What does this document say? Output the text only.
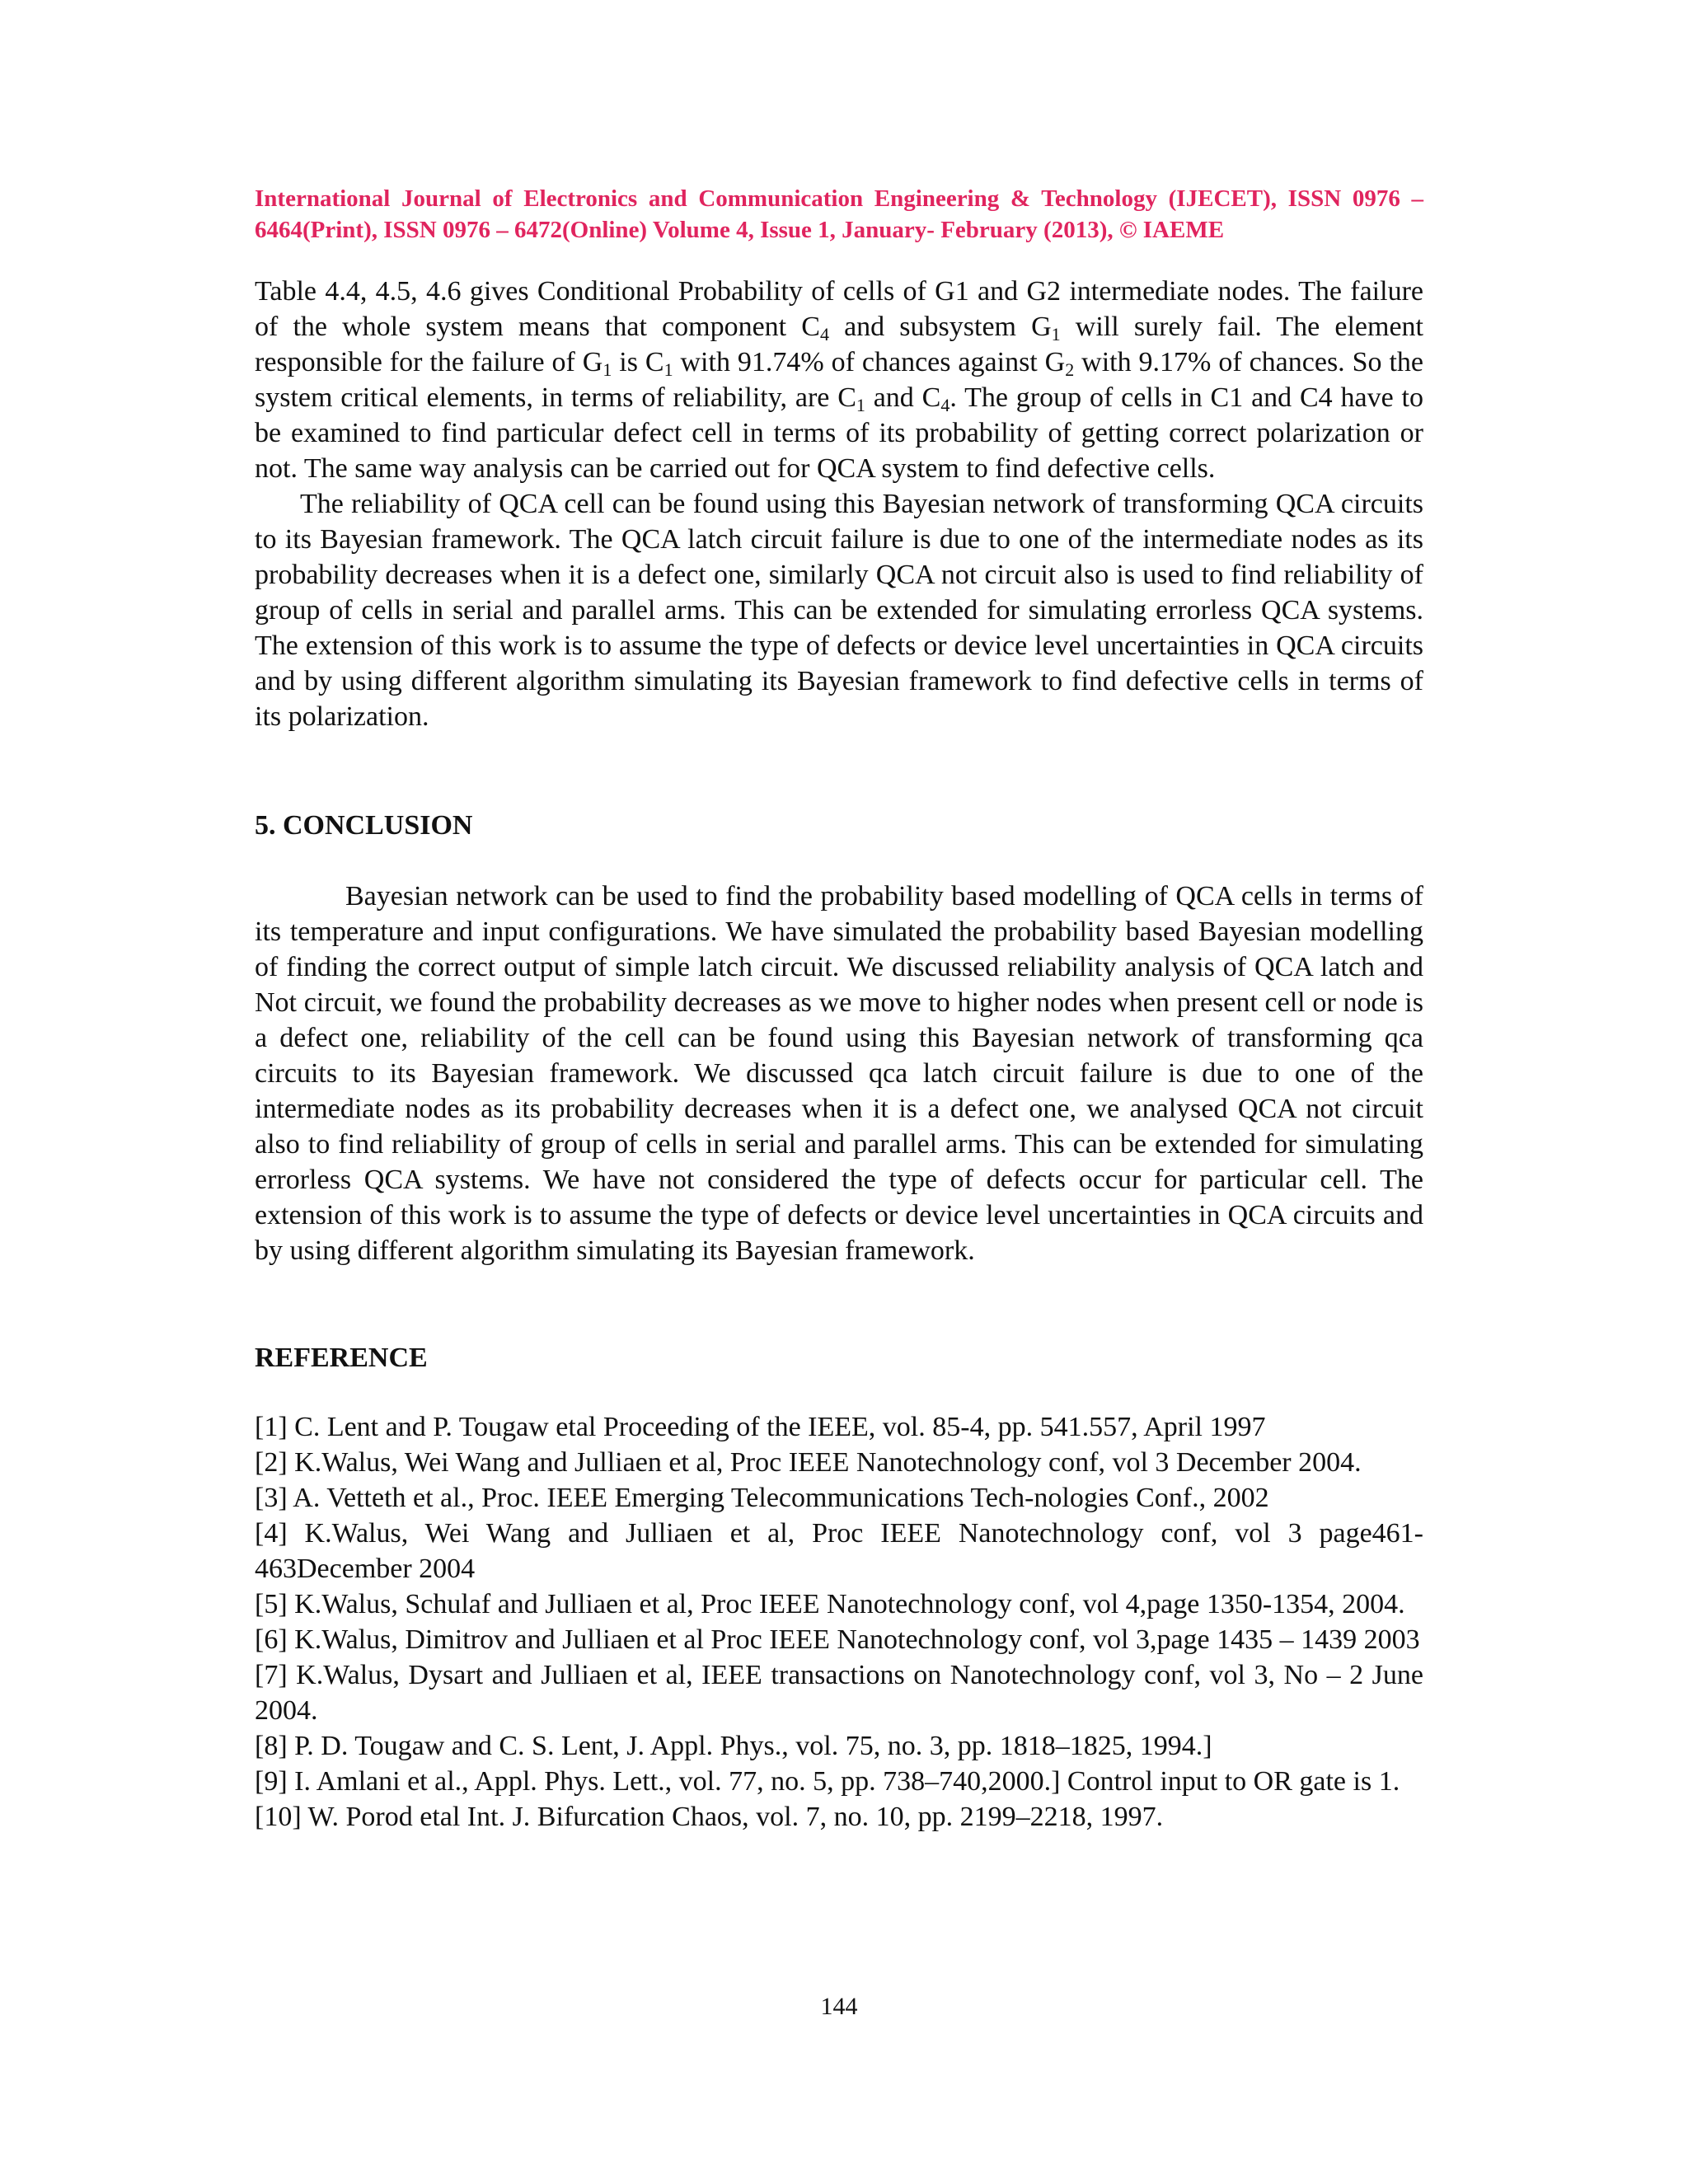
International Journal of Electronics and Communication Engineering & Technology (IJECET), ISSN 0976 – 6464(Print), ISSN 0976 – 6472(Online) Volume 4, Issue 1, January- February (2013), © IAEME

Table 4.4, 4.5, 4.6 gives Conditional Probability of cells of G1 and G2 intermediate nodes. The failure of the whole system means that component $C_4$ and subsystem $G_1$ will surely fail. The element responsible for the failure of $G_1$ is $C_1$ with 91.74% of chances against $G_2$ with 9.17% of chances. So the system critical elements, in terms of reliability, are $C_1$ and $C_4$. The group of cells in C1 and C4 have to be examined to find particular defect cell in terms of its probability of getting correct polarization or not. The same way analysis can be carried out for QCA system to find defective cells.

The reliability of QCA cell can be found using this Bayesian network of transforming QCA circuits to its Bayesian framework. The QCA latch circuit failure is due to one of the intermediate nodes as its probability decreases when it is a defect one, similarly QCA not circuit also is used to find reliability of group of cells in serial and parallel arms. This can be extended for simulating errorless QCA systems. The extension of this work is to assume the type of defects or device level uncertainties in QCA circuits and by using different algorithm simulating its Bayesian framework to find defective cells in terms of its polarization.

5. CONCLUSION

Bayesian network can be used to find the probability based modelling of QCA cells in terms of its temperature and input configurations. We have simulated the probability based Bayesian modelling of finding the correct output of simple latch circuit. We discussed reliability analysis of QCA latch and Not circuit, we found the probability decreases as we move to higher nodes when present cell or node is a defect one, reliability of the cell can be found using this Bayesian network of transforming qca circuits to its Bayesian framework. We discussed qca latch circuit failure is due to one of the intermediate nodes as its probability decreases when it is a defect one, we analysed QCA not circuit also to find reliability of group of cells in serial and parallel arms. This can be extended for simulating errorless QCA systems. We have not considered the type of defects occur for particular cell. The extension of this work is to assume the type of defects or device level uncertainties in QCA circuits and by using different algorithm simulating its Bayesian framework.

REFERENCE

[1] C. Lent and P. Tougaw etal Proceeding of the IEEE, vol. 85-4, pp. 541.557, April 1997

[2] K.Walus, Wei Wang and Julliaen et al, Proc IEEE Nanotechnology conf, vol 3 December 2004.

[3] A. Vetteth et al., Proc. IEEE Emerging Telecommunications Tech-nologies Conf., 2002

[4] K.Walus, Wei Wang and Julliaen et al, Proc IEEE Nanotechnology conf, vol 3 page461-463December 2004

[5] K.Walus, Schulaf and Julliaen et al, Proc IEEE Nanotechnology conf, vol 4,page 1350-1354, 2004.

[6] K.Walus, Dimitrov and Julliaen et al Proc IEEE Nanotechnology conf, vol 3,page 1435 – 1439 2003

[7] K.Walus, Dysart and Julliaen et al, IEEE transactions on Nanotechnology conf, vol 3, No – 2 June 2004.

[8] P. D. Tougaw and C. S. Lent, J. Appl. Phys., vol. 75, no. 3, pp. 1818–1825, 1994.]

[9] I. Amlani et al., Appl. Phys. Lett., vol. 77, no. 5, pp. 738–740,2000.] Control input to OR gate is 1.

[10] W. Porod etal Int. J. Bifurcation Chaos, vol. 7, no. 10, pp. 2199–2218, 1997.

144
